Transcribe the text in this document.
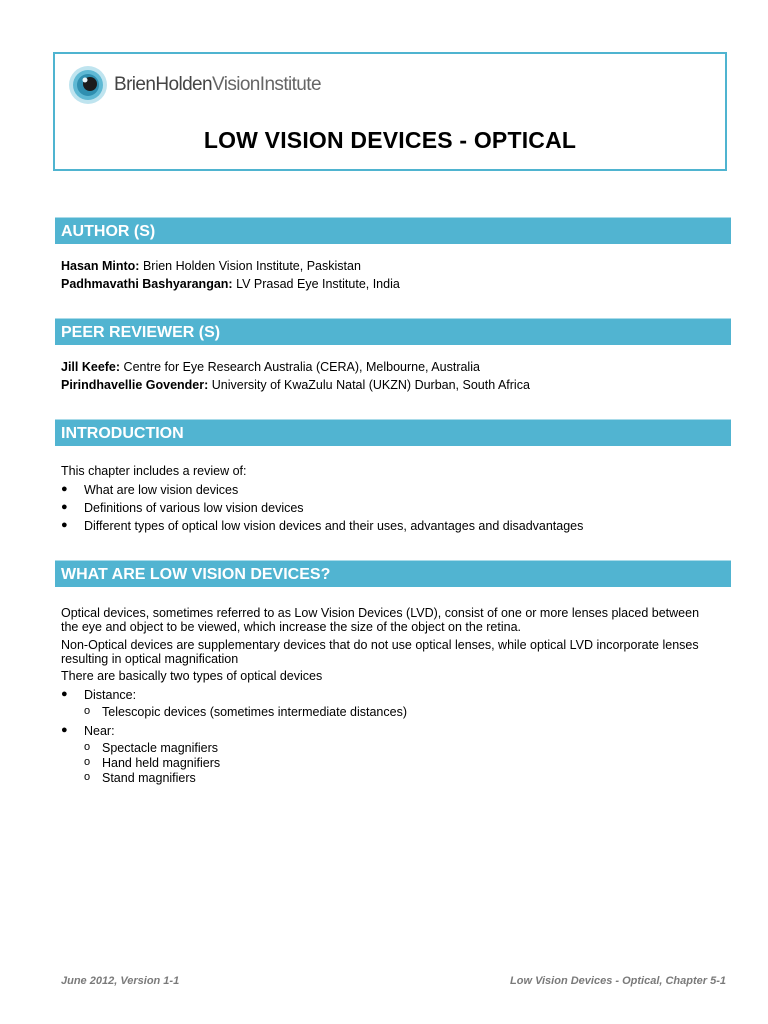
BrienHoldenVisionInstitute
LOW VISION DEVICES - OPTICAL
AUTHOR (S)
Hasan Minto: Brien Holden Vision Institute, Paskistan
Padhmavathi Bashyarangan: LV Prasad Eye Institute, India
PEER REVIEWER (S)
Jill Keefe: Centre for Eye Research Australia (CERA), Melbourne, Australia
Pirindhavellie Govender: University of KwaZulu Natal (UKZN) Durban, South Africa
INTRODUCTION
This chapter includes a review of:
● What are low vision devices
● Definitions of various low vision devices
● Different types of optical low vision devices and their uses, advantages and disadvantages
WHAT ARE LOW VISION DEVICES?
Optical devices, sometimes referred to as Low Vision Devices (LVD), consist of one or more lenses placed between
the eye and object to be viewed, which increase the size of the object on the retina.
Non-Optical devices are supplementary devices that do not use optical lenses, while optical LVD incorporate lenses
resulting in optical magnification
There are basically two types of optical devices
● Distance:
o Telescopic devices (sometimes intermediate distances)
● Near:
o Spectacle magnifiers
o Hand held magnifiers
o Stand magnifiers
June 2012, Version 1-1	Low Vision Devices - Optical, Chapter 5-1
